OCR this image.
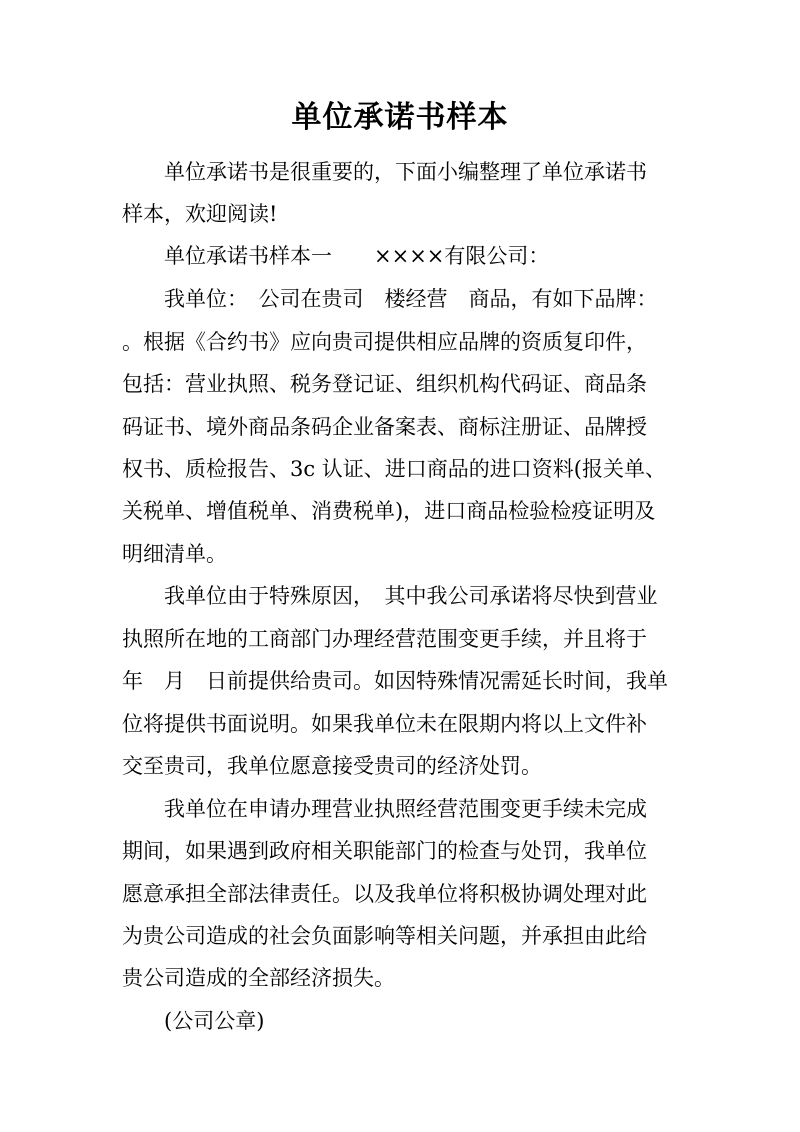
单位承诺书样本
单位承诺书是很重要的，下面小编整理了单位承诺书
样本，欢迎阅读!
单位承诺书样本一　　××××有限公司：
我单位：　公司在贵司　楼经营　商品，有如下品牌：
。根据《合约书》应向贵司提供相应品牌的资质复印件，
包括：营业执照、税务登记证、组织机构代码证、商品条
码证书、境外商品条码企业备案表、商标注册证、品牌授
权书、质检报告、3c 认证、进口商品的进口资料(报关单、
关税单、增值税单、消费税单)，进口商品检验检疫证明及
明细清单。
我单位由于特殊原因，　其中我公司承诺将尽快到营业
执照所在地的工商部门办理经营范围变更手续，并且将于
年　月　日前提供给贵司。如因特殊情况需延长时间，我单
位将提供书面说明。如果我单位未在限期内将以上文件补
交至贵司，我单位愿意接受贵司的经济处罚。
我单位在申请办理营业执照经营范围变更手续未完成
期间，如果遇到政府相关职能部门的检查与处罚，我单位
愿意承担全部法律责任。以及我单位将积极协调处理对此
为贵公司造成的社会负面影响等相关问题，并承担由此给
贵公司造成的全部经济损失。
(公司公章)
